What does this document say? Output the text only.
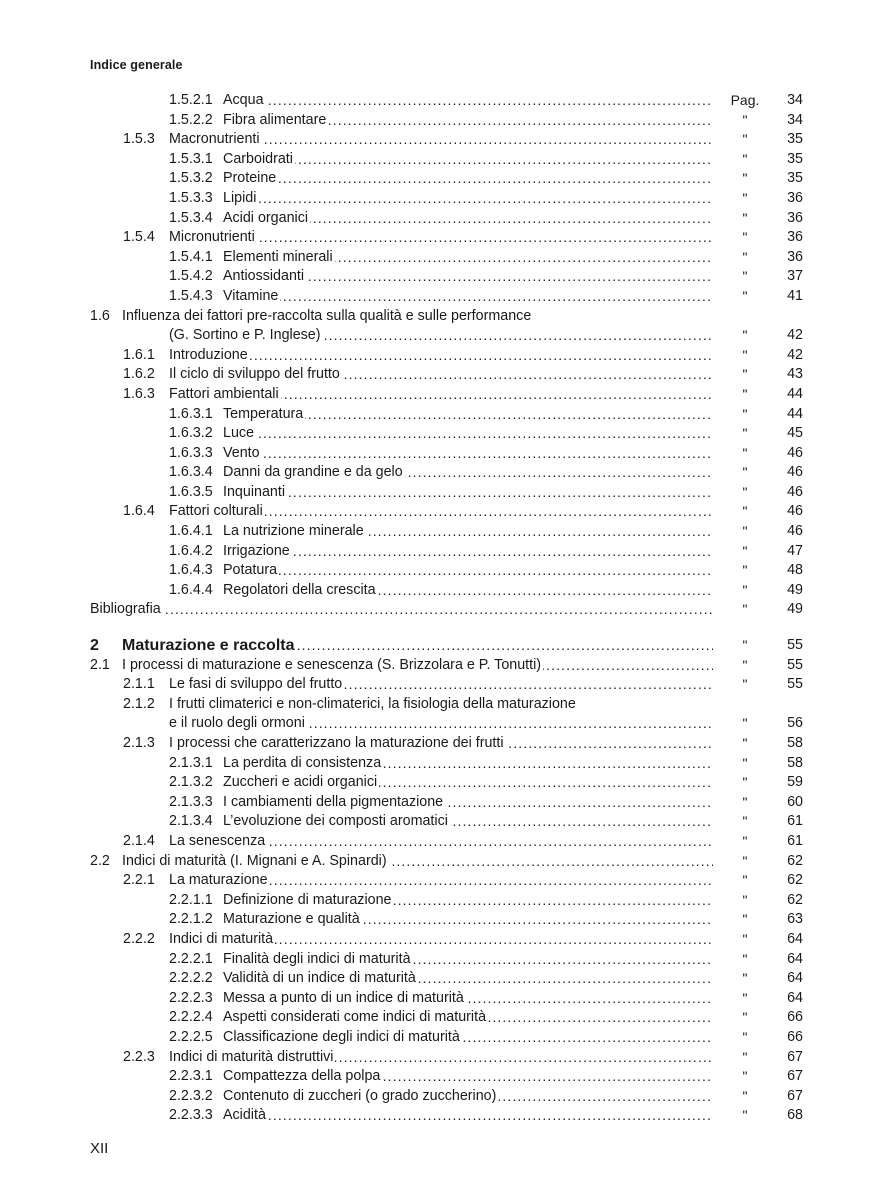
Indice generale
1.5.2.1 Acqua .....	Pag.	34
1.5.2.2 Fibra alimentare .....	"	34
1.5.3 Macronutrienti .....	"	35
1.5.3.1 Carboidrati .....	"	35
1.5.3.2 Proteine .....	"	35
1.5.3.3 Lipidi .....	"	36
1.5.3.4 Acidi organici .....	"	36
1.5.4 Micronutrienti .....	"	36
1.5.4.1 Elementi minerali .....	"	36
1.5.4.2 Antiossidanti .....	"	37
1.5.4.3 Vitamine .....	"	41
1.6 Influenza dei fattori pre-raccolta sulla qualità e sulle performance
(G. Sortino e P. Inglese) .....	"	42
1.6.1 Introduzione .....	"	42
1.6.2 Il ciclo di sviluppo del frutto .....	"	43
1.6.3 Fattori ambientali .....	"	44
1.6.3.1 Temperatura .....	"	44
1.6.3.2 Luce .....	"	45
1.6.3.3 Vento .....	"	46
1.6.3.4 Danni da grandine e da gelo .....	"	46
1.6.3.5 Inquinanti .....	"	46
1.6.4 Fattori colturali .....	"	46
1.6.4.1 La nutrizione minerale .....	"	46
1.6.4.2 Irrigazione .....	"	47
1.6.4.3 Potatura .....	"	48
1.6.4.4 Regolatori della crescita .....	"	49
Bibliografia .....	"	49
2 Maturazione e raccolta .....	"	55
2.1 I processi di maturazione e senescenza (S. Brizzolara e P. Tonutti) .....	"	55
2.1.1 Le fasi di sviluppo del frutto .....	"	55
2.1.2 I frutti climaterici e non-climaterici, la fisiologia della maturazione
e il ruolo degli ormoni .....	"	56
2.1.3 I processi che caratterizzano la maturazione dei frutti .....	"	58
2.1.3.1 La perdita di consistenza .....	"	58
2.1.3.2 Zuccheri e acidi organici .....	"	59
2.1.3.3 I cambiamenti della pigmentazione .....	"	60
2.1.3.4 L’evoluzione dei composti aromatici .....	"	61
2.1.4 La senescenza .....	"	61
2.2 Indici di maturità (I. Mignani e A. Spinardi) .....	"	62
2.2.1 La maturazione .....	"	62
2.2.1.1 Definizione di maturazione .....	"	62
2.2.1.2 Maturazione e qualità .....	"	63
2.2.2 Indici di maturità .....	"	64
2.2.2.1 Finalità degli indici di maturità .....	"	64
2.2.2.2 Validità di un indice di maturità .....	"	64
2.2.2.3 Messa a punto di un indice di maturità .....	"	64
2.2.2.4 Aspetti considerati come indici di maturità .....	"	66
2.2.2.5 Classificazione degli indici di maturità .....	"	66
2.2.3 Indici di maturità distruttivi .....	"	67
2.2.3.1 Compattezza della polpa .....	"	67
2.2.3.2 Contenuto di zuccheri (o grado zuccherino) .....	"	67
2.2.3.3 Acidità .....	"	68
XII
